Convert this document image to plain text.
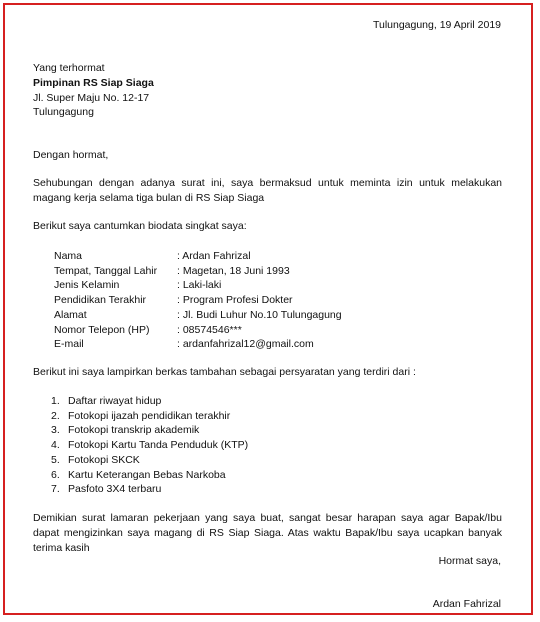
Tulungagung, 19 April 2019
Yang terhormat
Pimpinan RS Siap Siaga
Jl. Super Maju No. 12-17
Tulungagung
Dengan hormat,
Sehubungan dengan adanya surat ini, saya bermaksud untuk meminta izin untuk melakukan magang kerja selama tiga bulan di RS Siap Siaga
Berikut saya cantumkan biodata singkat saya:
Nama	: Ardan Fahrizal
Tempat, Tanggal Lahir : Magetan, 18 Juni 1993
Jenis Kelamin	: Laki-laki
Pendidikan Terakhir	: Program Profesi Dokter
Alamat	: Jl. Budi Luhur No.10 Tulungagung
Nomor Telepon (HP)	: 08574546***
E-mail	: ardanfahrizal12@gmail.com
Berikut ini saya lampirkan berkas tambahan sebagai persyaratan yang terdiri dari :
1. Daftar riwayat hidup
2. Fotokopi ijazah pendidikan terakhir
3. Fotokopi transkrip akademik
4. Fotokopi Kartu Tanda Penduduk (KTP)
5. Fotokopi SKCK
6. Kartu Keterangan Bebas Narkoba
7. Pasfoto 3X4 terbaru
Demikian surat lamaran pekerjaan yang saya buat, sangat besar harapan saya agar Bapak/Ibu dapat mengizinkan saya magang di RS Siap Siaga. Atas waktu Bapak/Ibu saya ucapkan banyak terima kasih
Hormat saya,
Ardan Fahrizal
